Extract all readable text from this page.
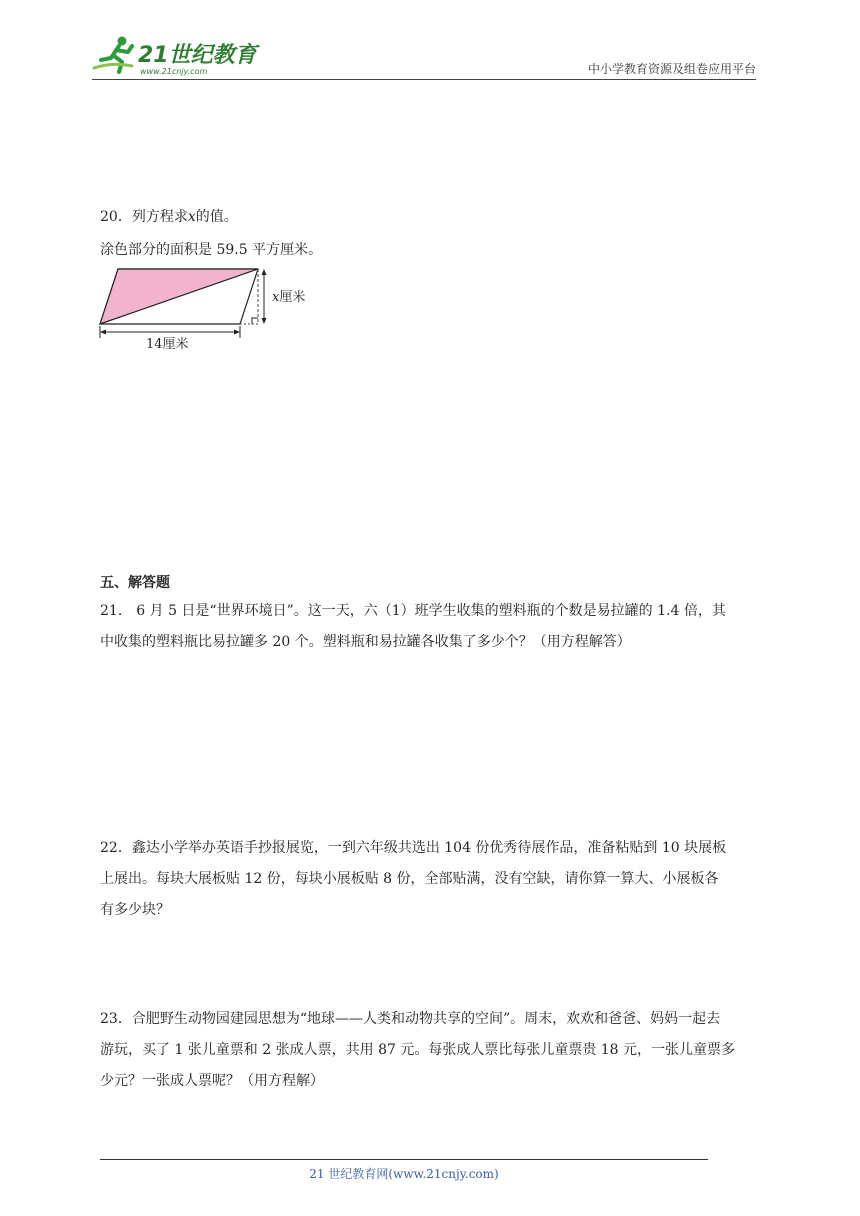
21世纪教育
www.21cnjy.com	中小学教育资源及组卷应用平台
20．列方程求x的值。
涂色部分的面积是 59.5 平方厘米。
x厘米
14厘米
五、解答题
21． 6 月 5 日是“世界环境日”。这一天，六（1）班学生收集的塑料瓶的个数是易拉罐的 1.4 倍，其
中收集的塑料瓶比易拉罐多 20 个。塑料瓶和易拉罐各收集了多少个？（用方程解答）
22．鑫达小学举办英语手抄报展览，一到六年级共选出 104 份优秀待展作品，准备粘贴到 10 块展板
上展出。每块大展板贴 12 份，每块小展板贴 8 份，全部贴满，没有空缺，请你算一算大、小展板各
有多少块？
23．合肥野生动物园建园思想为“地球——人类和动物共享的空间”。周末，欢欢和爸爸、妈妈一起去
游玩，买了 1 张儿童票和 2 张成人票，共用 87 元。每张成人票比每张儿童票贵 18 元，一张儿童票多
少元？一张成人票呢？（用方程解）
21 世纪教育网(www.21cnjy.com)
